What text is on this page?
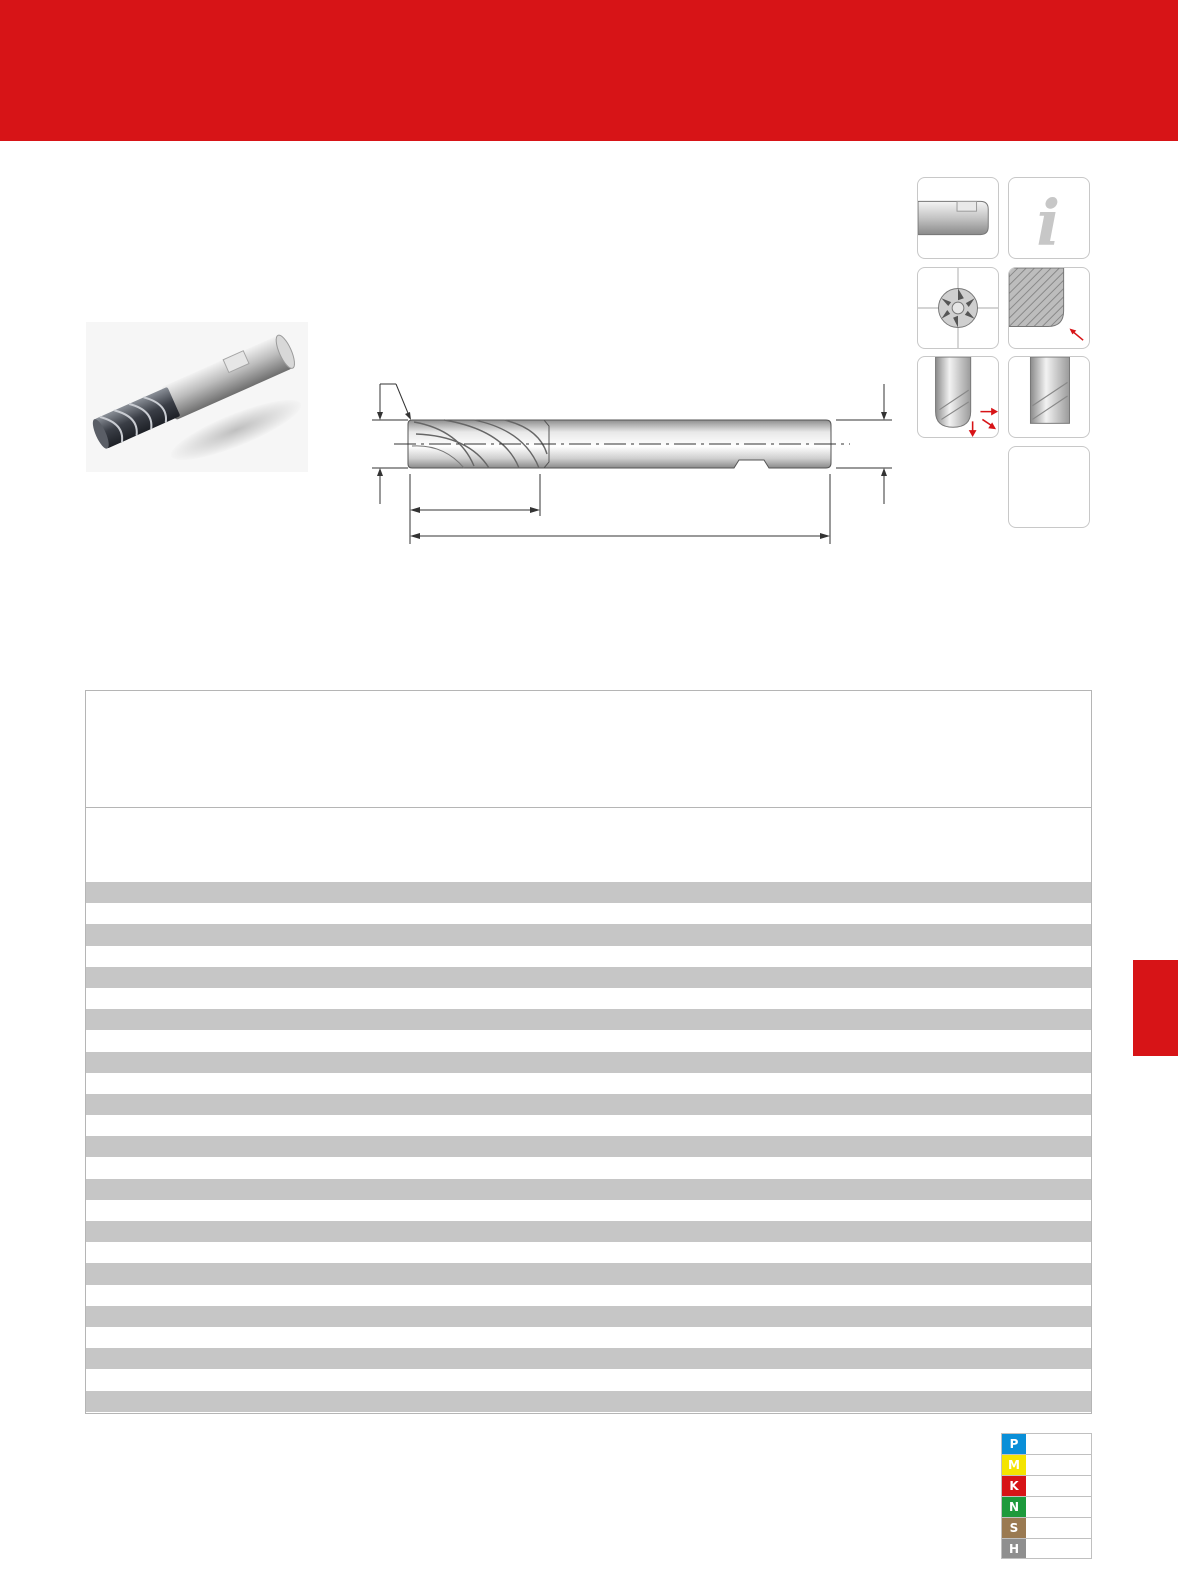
i
P
M
K
N
S
H
